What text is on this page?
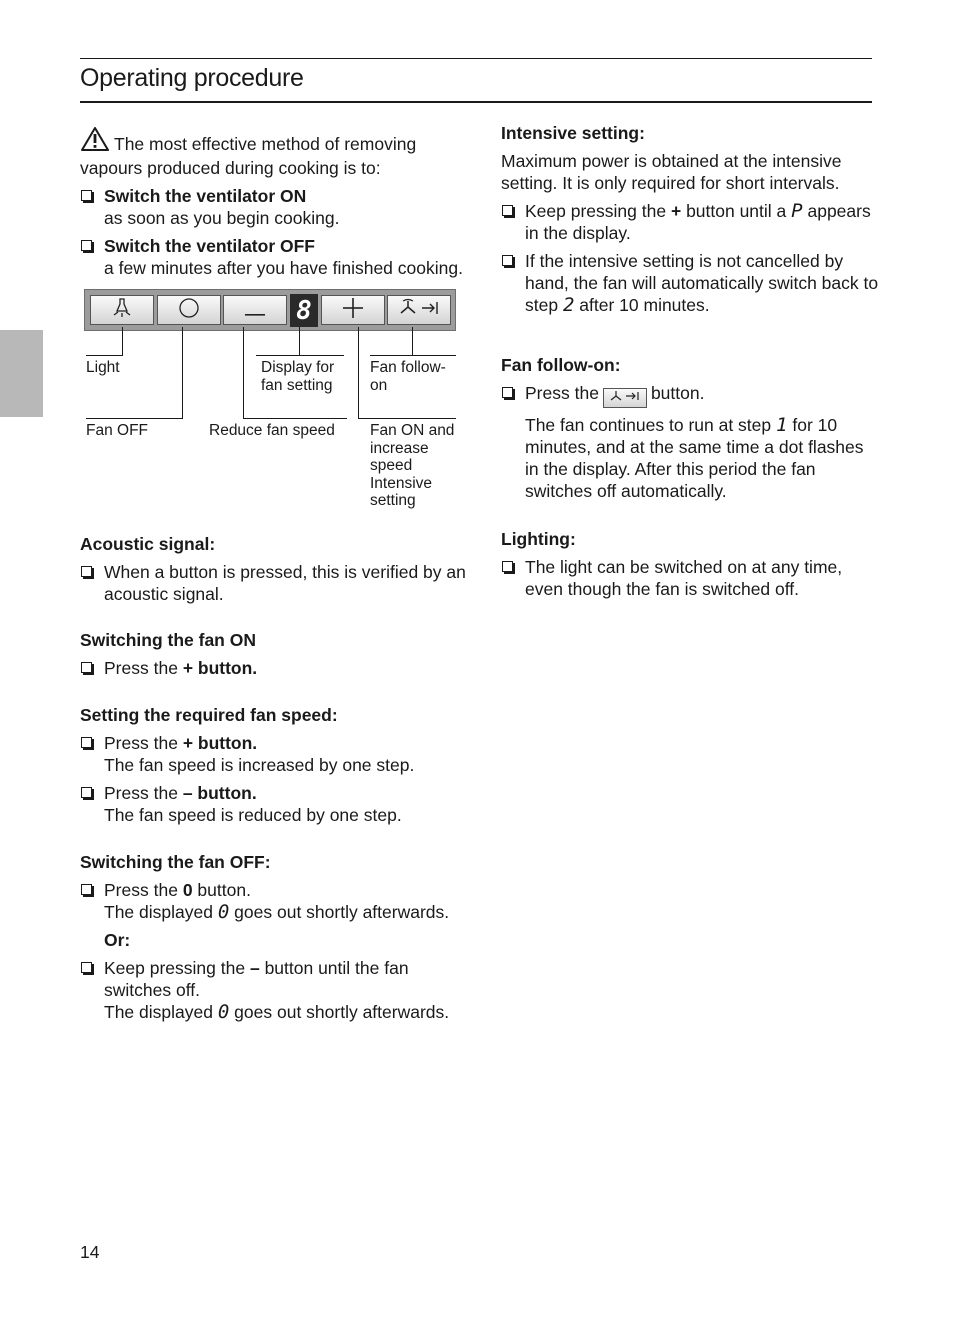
Operating procedure

The most effective method of removing vapours produced during cooking is to:

Switch the ventilator ON
as soon as you begin cooking.
Switch the ventilator OFF
a few minutes after you have finished cooking.
8
Light	Display for fan setting
Fan follow-on
Fan OFF	Reduce fan speed Fan ON and increase speed Intensive setting

Acoustic signal:

When a button is pressed, this is verified by an acoustic signal.

Switching the fan ON

Press the + button.

Setting the required fan speed:

Press the + button.
The fan speed is increased by one step.
Press the – button.
The fan speed is reduced by one step.

Switching the fan OFF:

Press the 0 button.
The displayed 0 goes out shortly afterwards.

Or:

Keep pressing the – button until the fan switches off.
The displayed 0 goes out shortly afterwards.

Intensive setting:

Maximum power is obtained at the intensive setting. It is only required for short intervals.

Keep pressing the + button until a P appears in the display.
If the intensive setting is not cancelled by hand, the fan will automatically switch back to step 2 after 10 minutes.

Fan follow-on:

Press the	button.

The fan continues to run at step 1 for 10 minutes, and at the same time a dot flashes in the display. After this period the fan switches off automatically.

Lighting:

The light can be switched on at any time, even though the fan is switched off.
14
